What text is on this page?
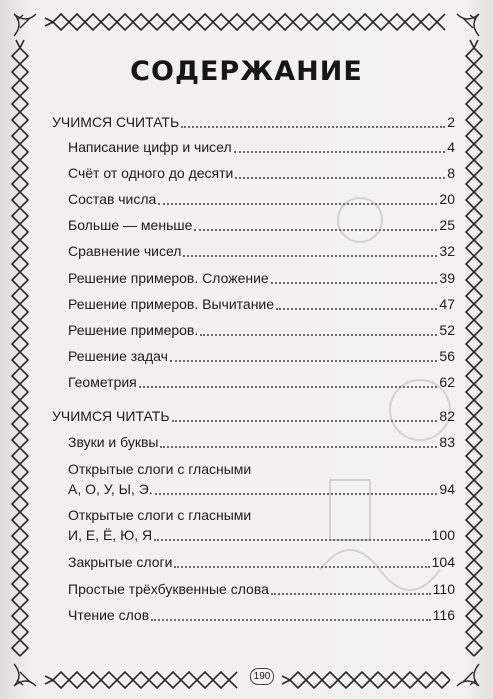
СОДЕРЖАНИЕ
УЧИМСЯ СЧИТАТЬ	2
Написание цифр и чисел	4
Счёт от одного до десяти	8
Состав числа	20
Больше — меньше	25
Сравнение чисел	32
Решение примеров. Сложение	39
Решение примеров. Вычитание	47
Решение примеров.	52
Решение задач	56
Геометрия	62
УЧИМСЯ ЧИТАТЬ	82
Звуки и буквы	83
Открытые слоги с гласными
А, О, У, Ы, Э.	94
Открытые слоги с гласными
И, Е, Ё, Ю, Я	100
Закрытые слоги	104
Простые трёхбуквенные слова	110
Чтение слов	116
190
